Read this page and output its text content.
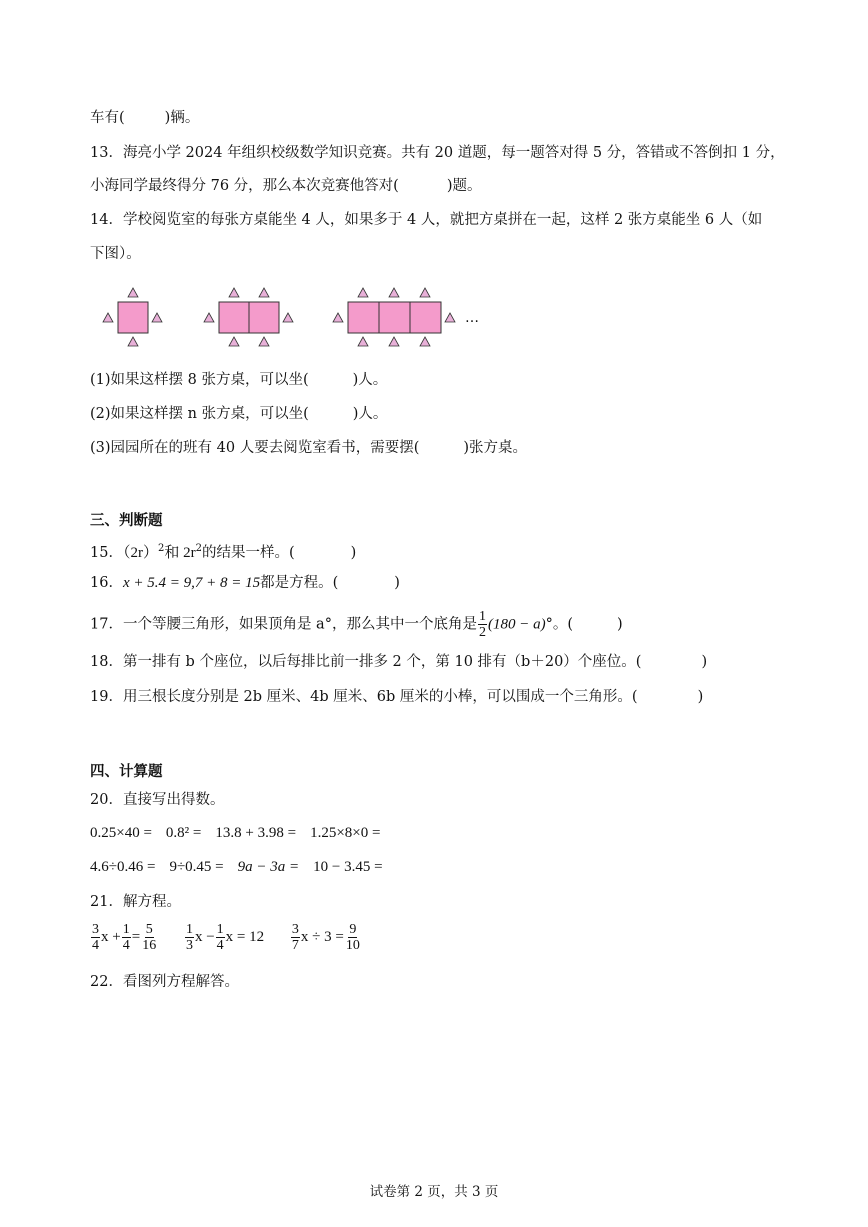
车有(	)辆。
13．海亮小学 2024 年组织校级数学知识竞赛。共有 20 道题，每一题答对得 5 分，答错或不答倒扣 1 分，
小海同学最终得分 76 分，那么本次竞赛他答对(	)题。
14．学校阅览室的每张方桌能坐 4 人，如果多于 4 人，就把方桌拼在一起，这样 2 张方桌能坐 6 人（如
下图）。
…
(1)如果这样摆 8 张方桌，可以坐(	)人。
(2)如果这样摆 n 张方桌，可以坐(	)人。
(3)园园所在的班有 40 人要去阅览室看书，需要摆(	)张方桌。
三、判断题
15．$(2r)^2$和 $2r^2$的结果一样。(	)
16．x + 5.4 = 9,7 + 8 = 15都是方程。(	)
17．一个等腰三角形，如果顶角是 a°，那么其中一个底角是 $\frac{1}{2} (180 - a)^\circ$。(	)
18．第一排有 b 个座位，以后每排比前一排多 2 个，第 10 排有（b＋20）个座位。(	)
19．用三根长度分别是 2b 厘米、4b 厘米、6b 厘米的小棒，可以围成一个三角形。(	)
四、计算题
20．直接写出得数。
0.25×40 = 0.8² = 13.8 + 3.98 = 1.25×8×0 =
4.6÷0.46 = 9÷0.45 = 9a − 3a = 10 − 3.45 =
21．解方程。
$\frac{3}{4}$ $x + \frac{1}{4} = \frac{5}{16}$
$\frac{1}{3}$ $x - \frac{1}{4}$ $x = 12 \frac{3}{7}$ $x \div 3 = \frac{9}{10}$
22．看图列方程解答。
试卷第 2 页，共 3 页
